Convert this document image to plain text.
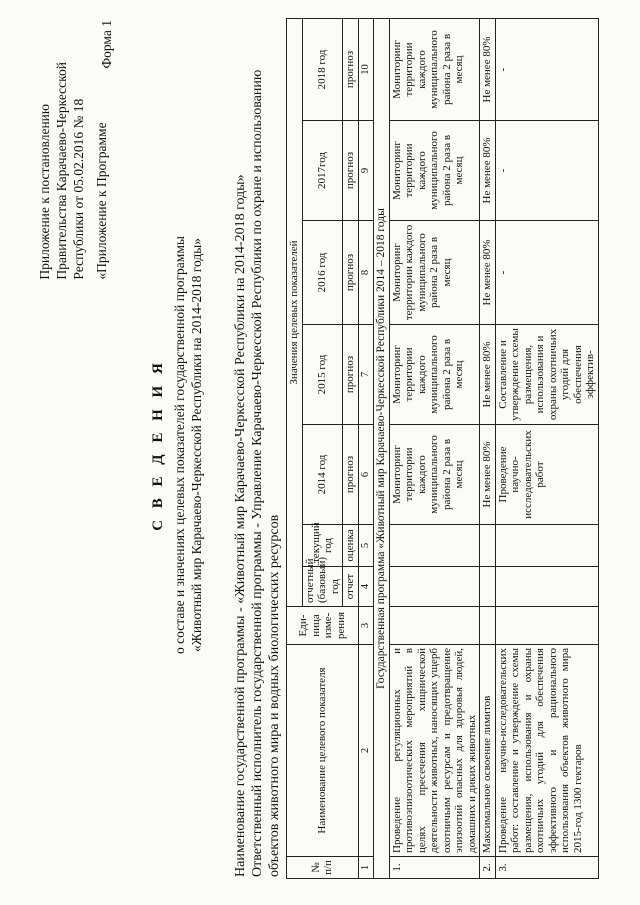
Приложение к постановлению Правительства Карачаево-Черкесской Республики от 05.02.2016 № 18 «Приложение к Программе
Форма 1
С В Е Д Е Н И Я о составе и значениях целевых показателей государственной программы «Животный мир Карачаево-Черкесской Республики на 2014-2018 годы» Наименование государственной программы - «Животный мир Карачаево-Черкесской Республики на 2014-2018 годы» Ответственный исполнитель государственной программы - Управление Карачаево-Черкесской Республики по охране и использованию объектов животного мира и водных биологических ресурсов	№ п/п	Наименование целевого показателя	Еди-ница изме-рения	Значения целевых показателей						
			отчетный (базовый) год	текущий год	2014 год	2015 год	2016 год	2017год	2018 год
			отчет	оценка	прогноз	прогноз	прогноз	прогноз	прогноз
1	2	3	4	5	6	7	8	9	10
Государственная программа «Животный мир Карачаево-Черкесской Республики 2014 – 2018 годы									
1.	Проведение регуляционных и противоэпизоотических мероприятий в целях пресечения хищнической деятельности животных, наносящих ущерб охотничьим ресурсам и предотвращение эпизоотий опасных для здоровья людей, домашних и диких животных				Мониторинг территории каждого муниципального района 2 раза в месяц	Мониторинг территории каждого муниципального района 2 раза в месяц	Мониторинг территории каждого муниципального района 2 раза в месяц	Мониторинг территории каждого муниципального района 2 раза в месяц	Мониторинг территории каждого муниципального района 2 раза в месяц
2.	Максимальное освоение лимитов				Не менее 80%	Не менее 80%	Не менее 80%	Не менее 80%	Не менее 80%
3.	Проведение научно-исследовательских работ: составление и утверждение схемы размещения, использования и охраны охотничьих угодий для обеспечения эффективного и рационального использования объектов животного мира 2015-год 1300 гектаров				Проведение научно-исследовательских работ	Составление и утверждение схемы размещения, использования и охраны охотничьих угодий для обеспечения эффектив-	-	-	-
